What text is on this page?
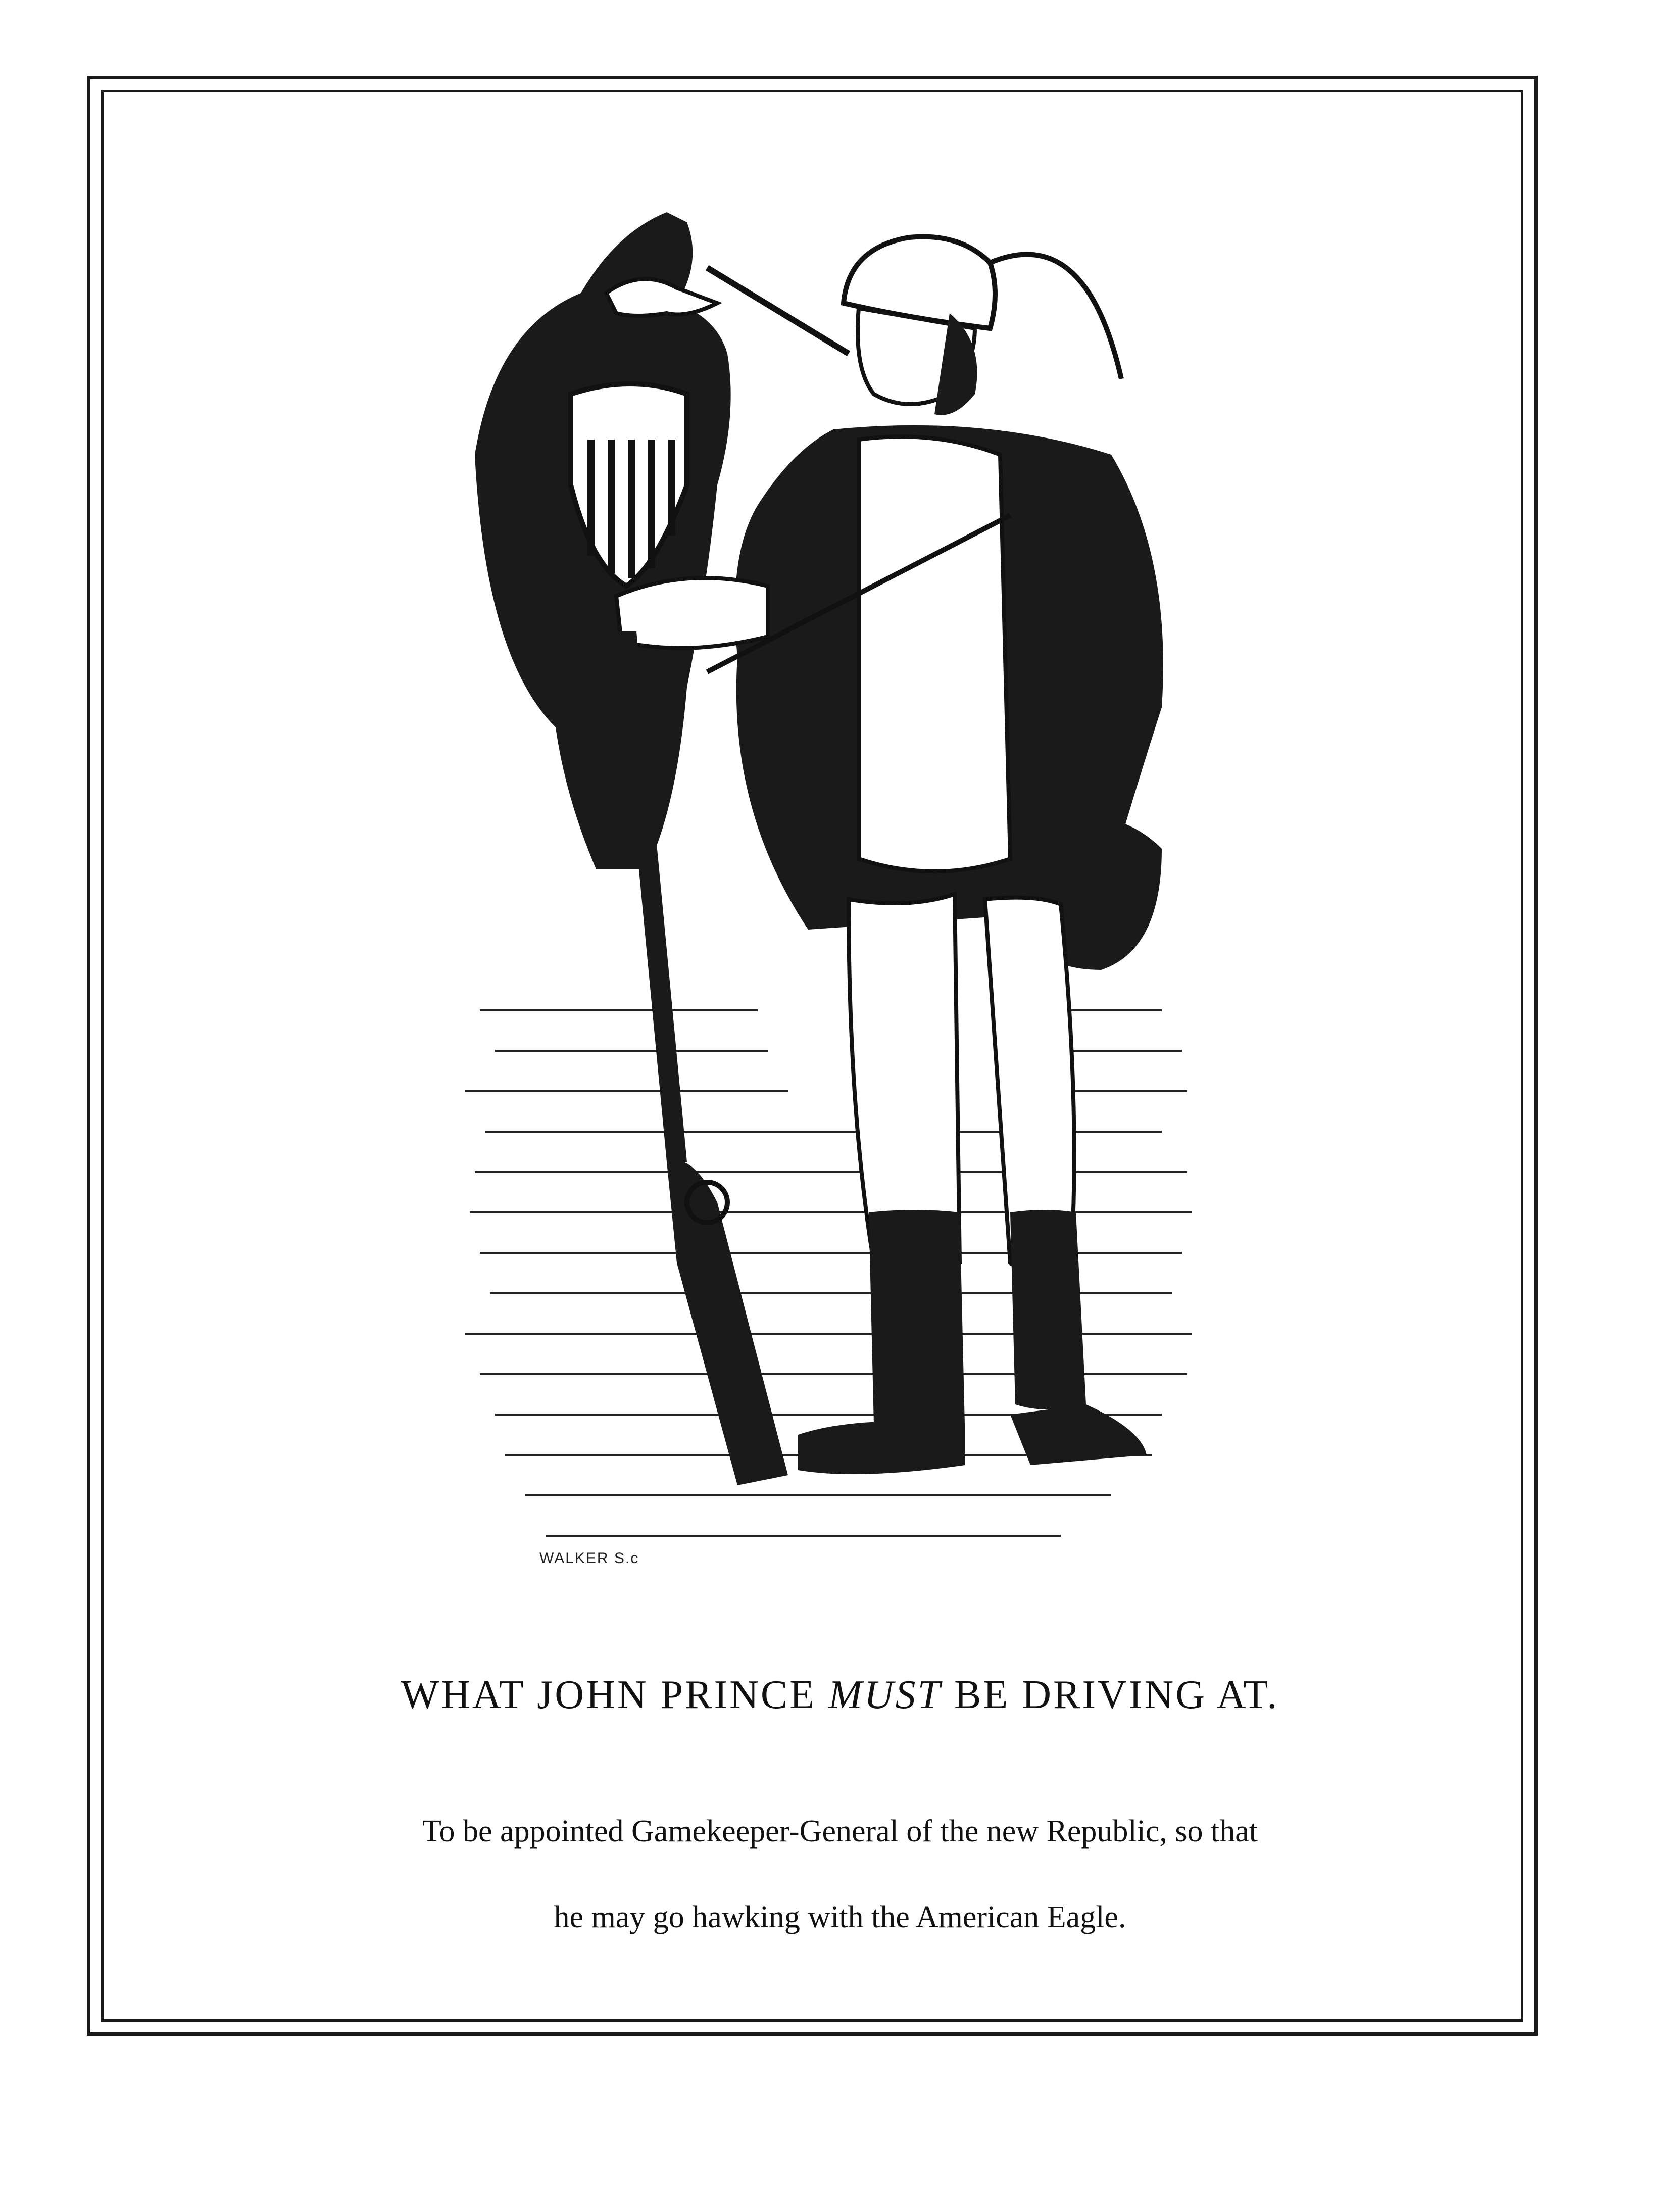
WALKER S.c
WHAT JOHN PRINCE MUST BE DRIVING AT.
To be appointed Gamekeeper-General of the new Republic, so that
he may go hawking with the American Eagle.
